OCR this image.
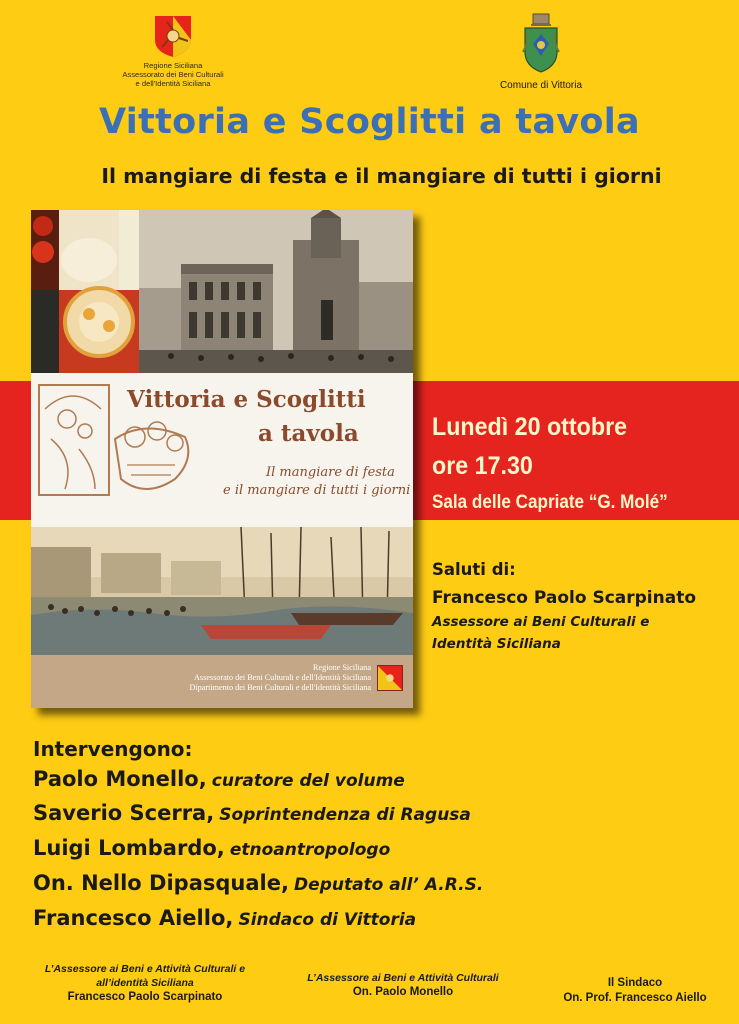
Regione Siciliana
Assessorato dei Beni Culturali
e dell'Identità Siciliana	Comune di Vittoria
Vittoria e Scoglitti a tavola
Il mangiare di festa e il mangiare di tutti i giorni
Vittoria e Scoglitti
a tavola
Il mangiare di festa
e il mangiare di tutti i giorni
Regione Siciliana
Assessorato dei Beni Culturali e dell'Identità Siciliana
Dipartimento dei Beni Culturali e dell'Identità Siciliana
Lunedì 20 ottobre
ore 17.30
Sala delle Capriate “G. Molé”
Saluti di:
Francesco Paolo Scarpinato
Assessore ai Beni Culturali e
Identità Siciliana
Intervengono:
Paolo Monello, curatore del volume
Saverio Scerra, Soprintendenza di Ragusa
Luigi Lombardo, etnoantropologo
On. Nello Dipasquale, Deputato all’ A.R.S.
Francesco Aiello, Sindaco di Vittoria
L’Assessore ai Beni e Attività Culturali e
all’identità Siciliana
Francesco Paolo Scarpinato
L’Assessore ai Beni e Attività Culturali
On. Paolo Monello
Il Sindaco
On. Prof. Francesco Aiello
